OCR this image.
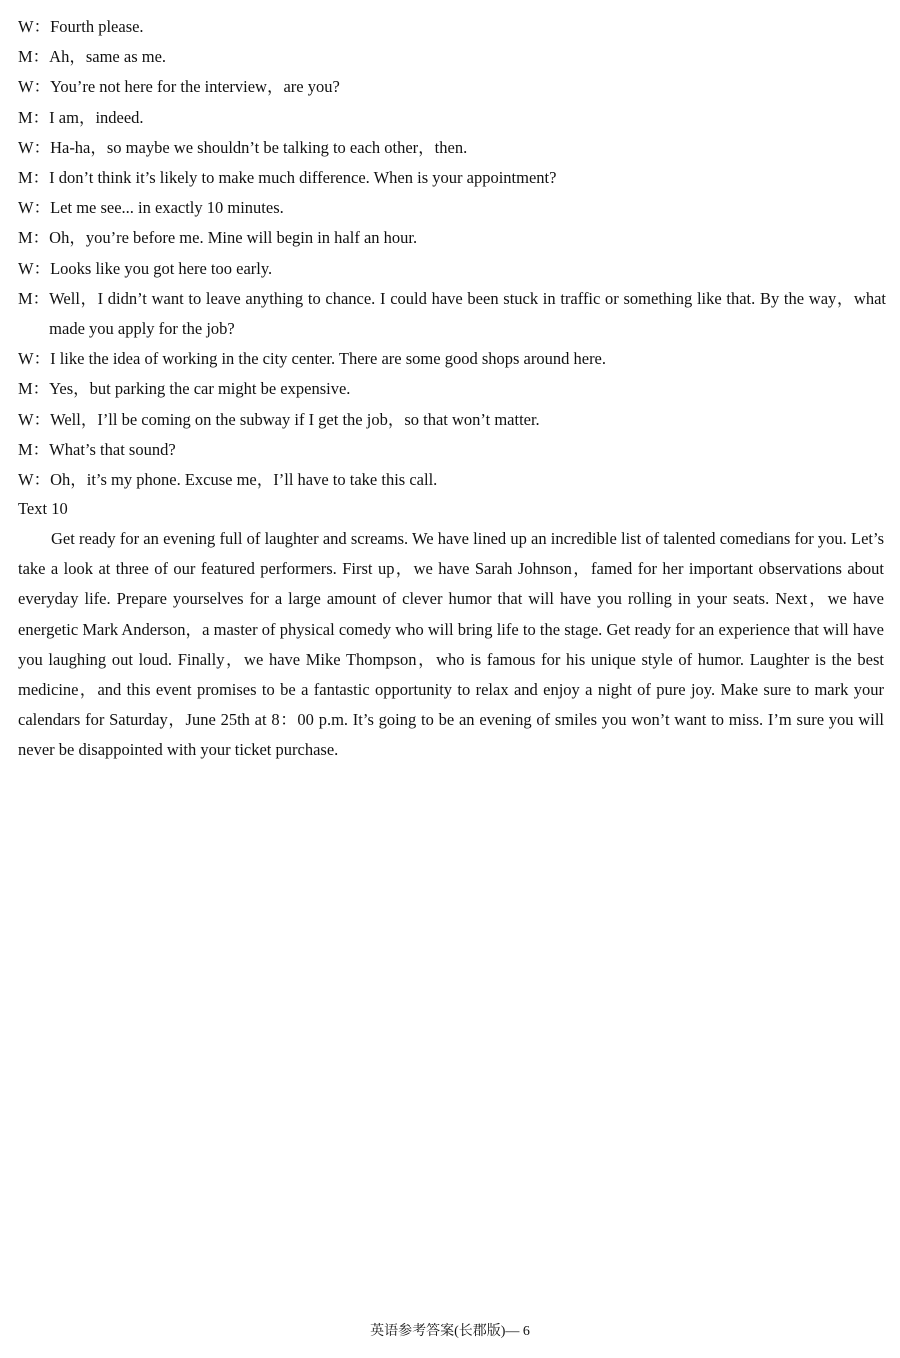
W： Fourth please.
M： Ah，same as me.
W： You’re not here for the interview，are you?
M： I am，indeed.
W： Ha-ha，so maybe we shouldn’t be talking to each other，then.
M： I don’t think it’s likely to make much difference. When is your appointment?
W： Let me see... in exactly 10 minutes.
M： Oh，you’re before me. Mine will begin in half an hour.
W： Looks like you got here too early.
M： Well，I didn’t want to leave anything to chance. I could have been stuck in traffic or something like that. By the way，what made you apply for the job?
W： I like the idea of working in the city center. There are some good shops around here.
M： Yes，but parking the car might be expensive.
W： Well，I’ll be coming on the subway if I get the job，so that won’t matter.
M： What’s that sound?
W： Oh，it’s my phone. Excuse me，I’ll have to take this call.
Text 10

Get ready for an evening full of laughter and screams. We have lined up an incredible list of talented comedians for you. Let’s take a look at three of our featured performers. First up，we have Sarah Johnson，famed for her important observations about everyday life. Prepare yourselves for a large amount of clever humor that will have you rolling in your seats. Next，we have energetic Mark Anderson，a master of physical comedy who will bring life to the stage. Get ready for an experience that will have you laughing out loud. Finally，we have Mike Thompson，who is famous for his unique style of humor. Laughter is the best medicine，and this event promises to be a fantastic opportunity to relax and enjoy a night of pure joy. Make sure to mark your calendars for Saturday，June 25th at 8：00 p.m. It’s going to be an evening of smiles you won’t want to miss. I’m sure you will never be disappointed with your ticket purchase.

英语参考答案(长郡版)— 6
